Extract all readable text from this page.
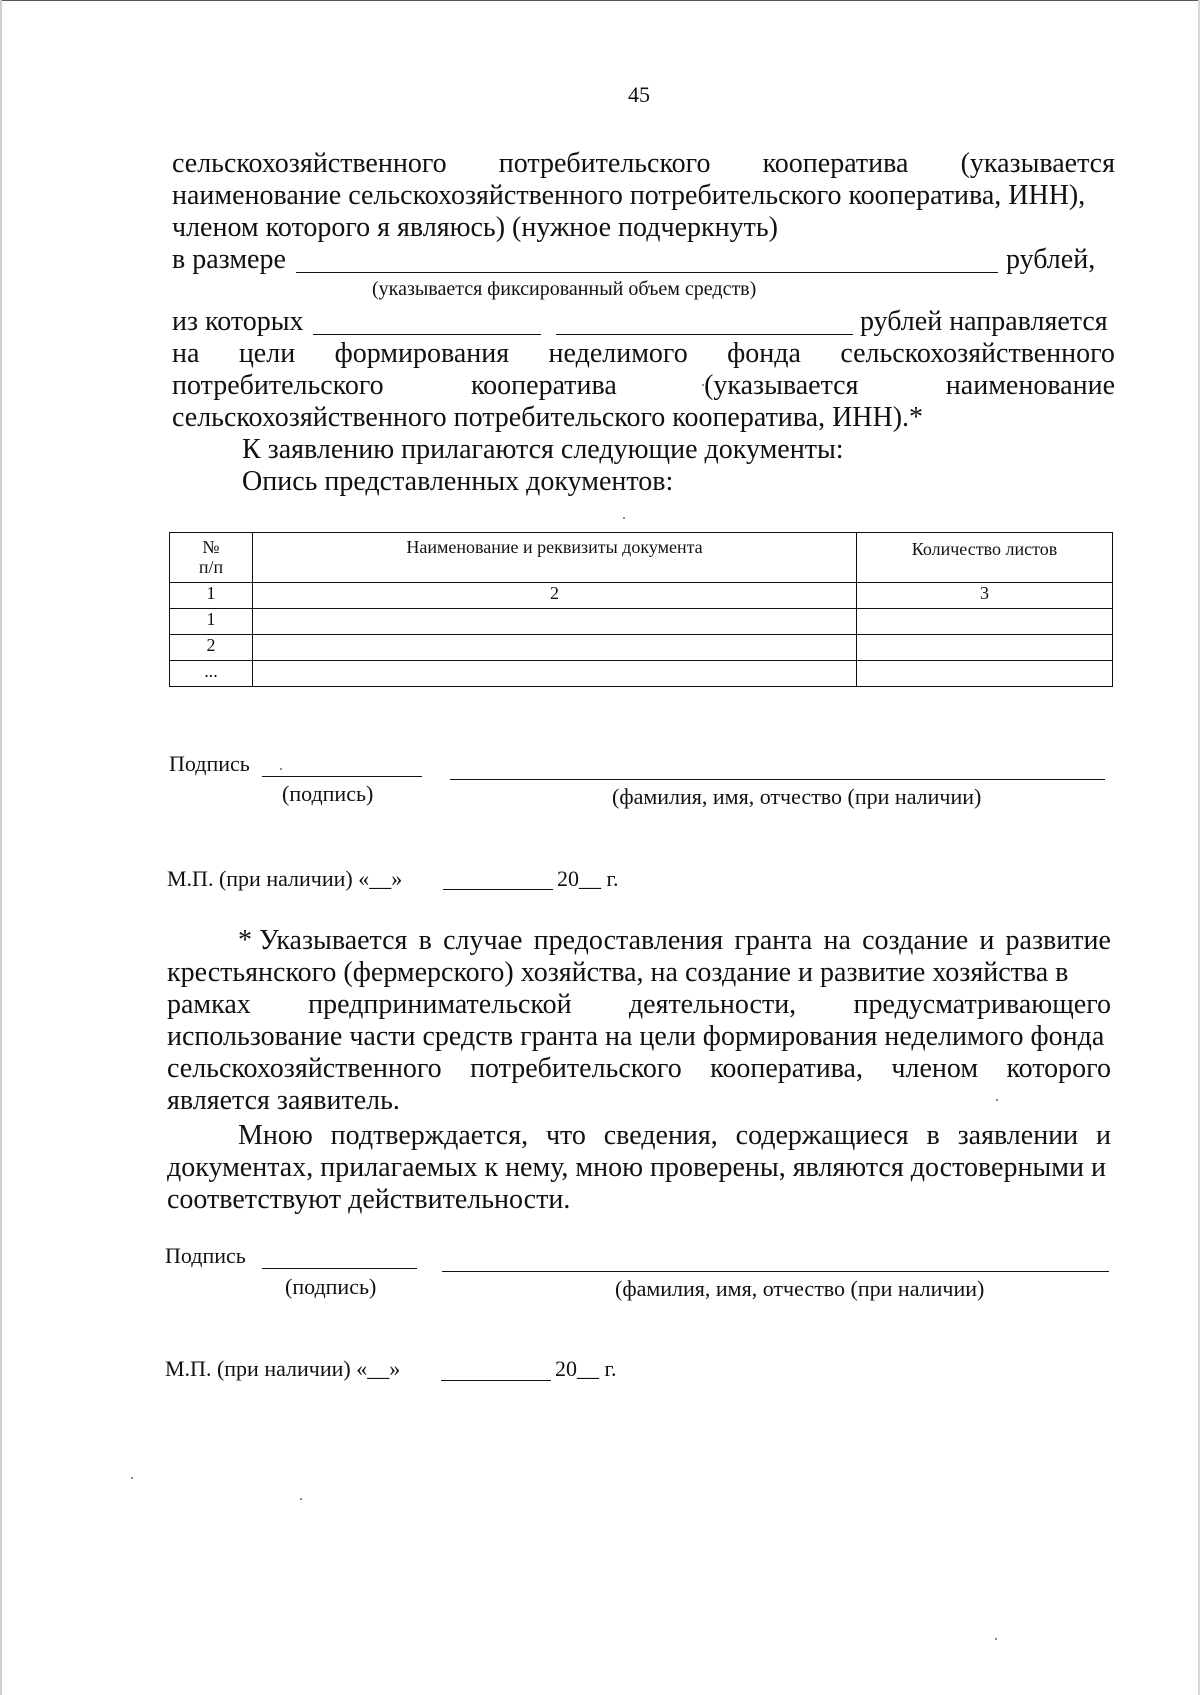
45
сельскохозяйственного потребительского кооператива (указывается
наименование сельскохозяйственного потребительского кооператива, ИНН),
членом которого я являюсь) (нужное подчеркнуть)
в размере	рублей,
(указывается фиксированный объем средств)
из которых	рублей направляется
на цели формирования неделимого фонда сельскохозяйственного
потребительского	кооператива	(указывается	наименование
сельскохозяйственного потребительского кооператива, ИНН).*
К заявлению прилагаются следующие документы:
Опись представленных документов:
№
п/п	Наименование и реквизиты документа	Количество листов
1	2	3
1		
2		
...		
Подпись
(подпись)	(фамилия, имя, отчество (при наличии)
М.П. (при наличии) «__»	20__ г.
* Указывается в случае предоставления гранта на создание и развитие
крестьянского (фермерского) хозяйства, на создание и развитие хозяйства в
рамках предпринимательской деятельности, предусматривающего
использование части средств гранта на цели формирования неделимого фонда
сельскохозяйственного потребительского кооператива, членом которого
является заявитель.
Мною подтверждается, что сведения, содержащиеся в заявлении и
документах, прилагаемых к нему, мною проверены, являются достоверными и
соответствуют действительности.
Подпись
(подпись)	(фамилия, имя, отчество (при наличии)
М.П. (при наличии) «__»	20__ г.
